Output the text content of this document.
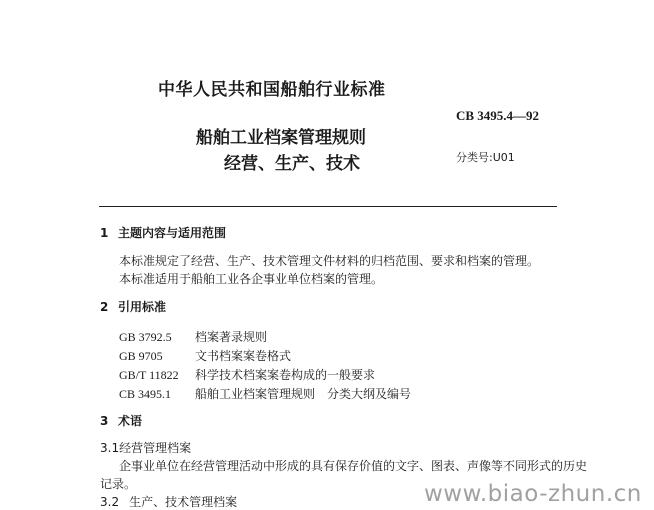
中华人民共和国船舶行业标准
CB 3495.4—92
船舶工业档案管理规则
经营、生产、技术	分类号:U01
1 主题内容与适用范围
本标准规定了经营、生产、技术管理文件材料的归档范围、要求和档案的管理。
本标准适用于船舶工业各企事业单位档案的管理。
2 引用标准
GB 3792.5 档案著录规则
GB 9705	文书档案案卷格式
GB/T 11822 科学技术档案案卷构成的一般要求
CB 3495.1 船舶工业档案管理规则　分类大纲及编号
3 术语
3.1经营管理档案
企事业单位在经营管理活动中形成的具有保存价值的文字、图表、声像等不同形式的历史
记录。
3.2 生产、技术管理档案	www.biao-zhun.cn
